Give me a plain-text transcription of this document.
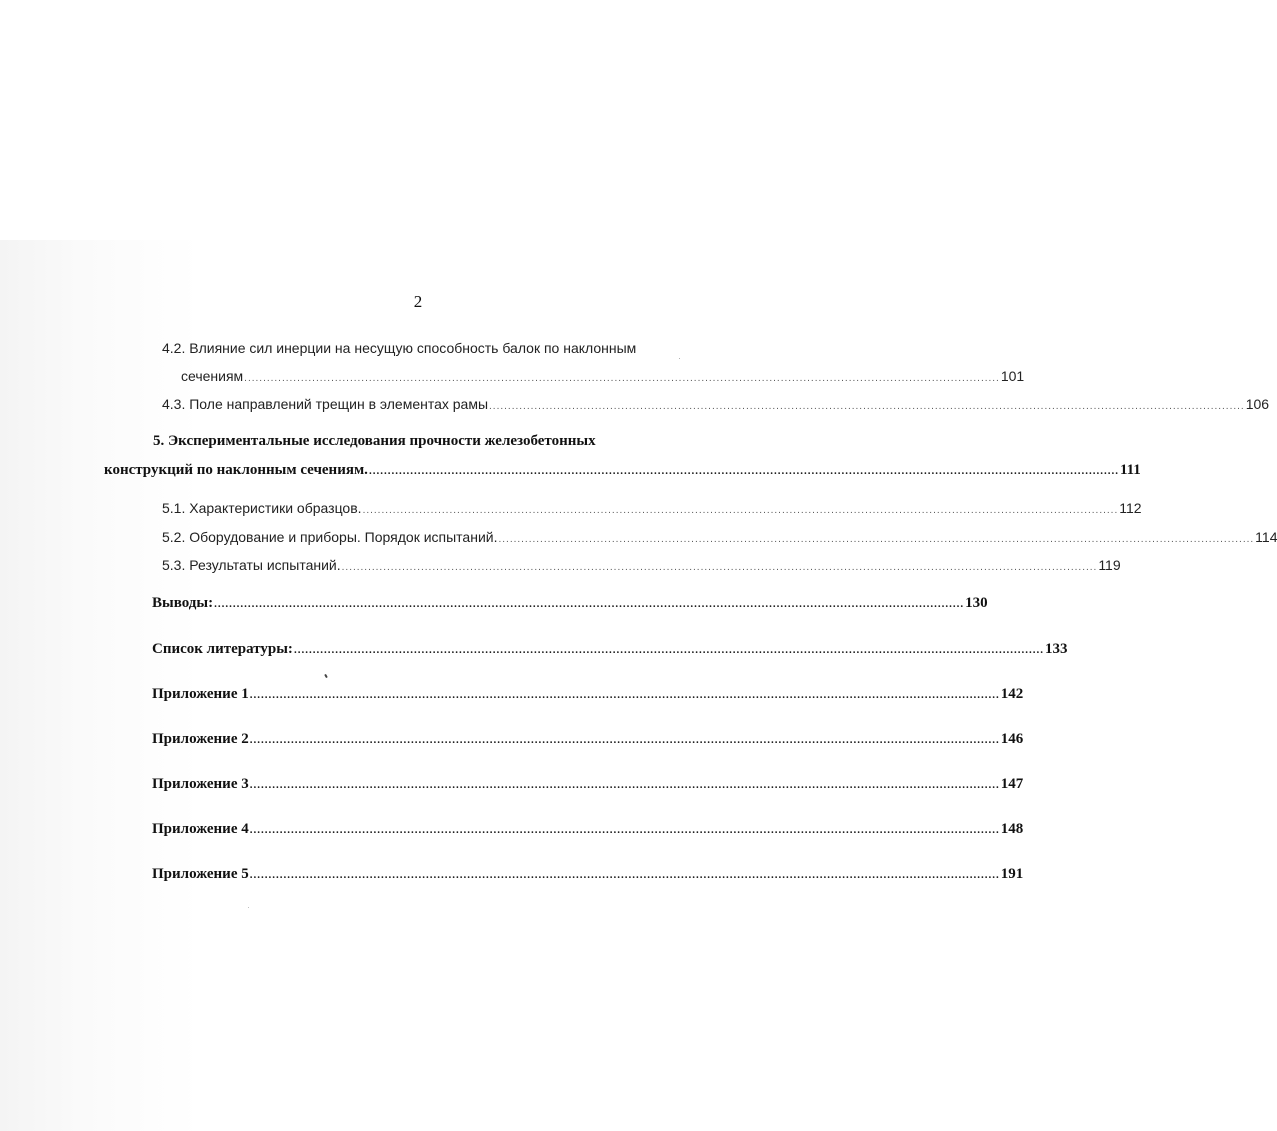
2
4.2. Влияние сил инерции на несущую способность балок по наклонным
сечениям ........................................................................................................................................................................................................ 101
4.3. Поле направлений трещин в элементах рамы ........................................................................................................................................................................................................ 106
5. Экспериментальные исследования прочности железобетонных
конструкций по наклонным сечениям. ........................................................................................................................................................................................................ 111
5.1. Характеристики образцов. ........................................................................................................................................................................................................ 112
5.2. Оборудование и приборы. Порядок испытаний. ........................................................................................................................................................................................................ 114
5.3. Результаты испытаний. ........................................................................................................................................................................................................ 119
Выводы: ........................................................................................................................................................................................................ 130
Список литературы: ........................................................................................................................................................................................................ 133
Приложение 1 ........................................................................................................................................................................................................ 142
Приложение 2 ........................................................................................................................................................................................................ 146
Приложение 3 ........................................................................................................................................................................................................ 147
Приложение 4 ........................................................................................................................................................................................................ 148
Приложение 5 ........................................................................................................................................................................................................ 191
